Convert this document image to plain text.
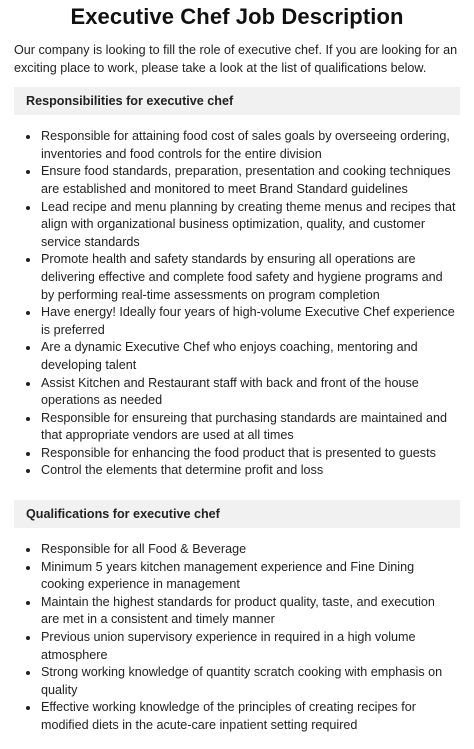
Executive Chef Job Description

Our company is looking to fill the role of executive chef. If you are looking for an exciting place to work, please take a look at the list of qualifications below.

Responsibilities for executive chef
Responsible for attaining food cost of sales goals by overseeing ordering, inventories and food controls for the entire division
Ensure food standards, preparation, presentation and cooking techniques are established and monitored to meet Brand Standard guidelines
Lead recipe and menu planning by creating theme menus and recipes that align with organizational business optimization, quality, and customer service standards
Promote health and safety standards by ensuring all operations are delivering effective and complete food safety and hygiene programs and by performing real-time assessments on program completion
Have energy! Ideally four years of high-volume Executive Chef experience is preferred
Are a dynamic Executive Chef who enjoys coaching, mentoring and developing talent
Assist Kitchen and Restaurant staff with back and front of the house operations as needed
Responsible for ensureing that purchasing standards are maintained and that appropriate vendors are used at all times
Responsible for enhancing the food product that is presented to guests
Control the elements that determine profit and loss
Qualifications for executive chef
Responsible for all Food & Beverage
Minimum 5 years kitchen management experience and Fine Dining cooking experience in management
Maintain the highest standards for product quality, taste, and execution are met in a consistent and timely manner
Previous union supervisory experience in required in a high volume atmosphere
Strong working knowledge of quantity scratch cooking with emphasis on quality
Effective working knowledge of the principles of creating recipes for modified diets in the acute-care inpatient setting required
